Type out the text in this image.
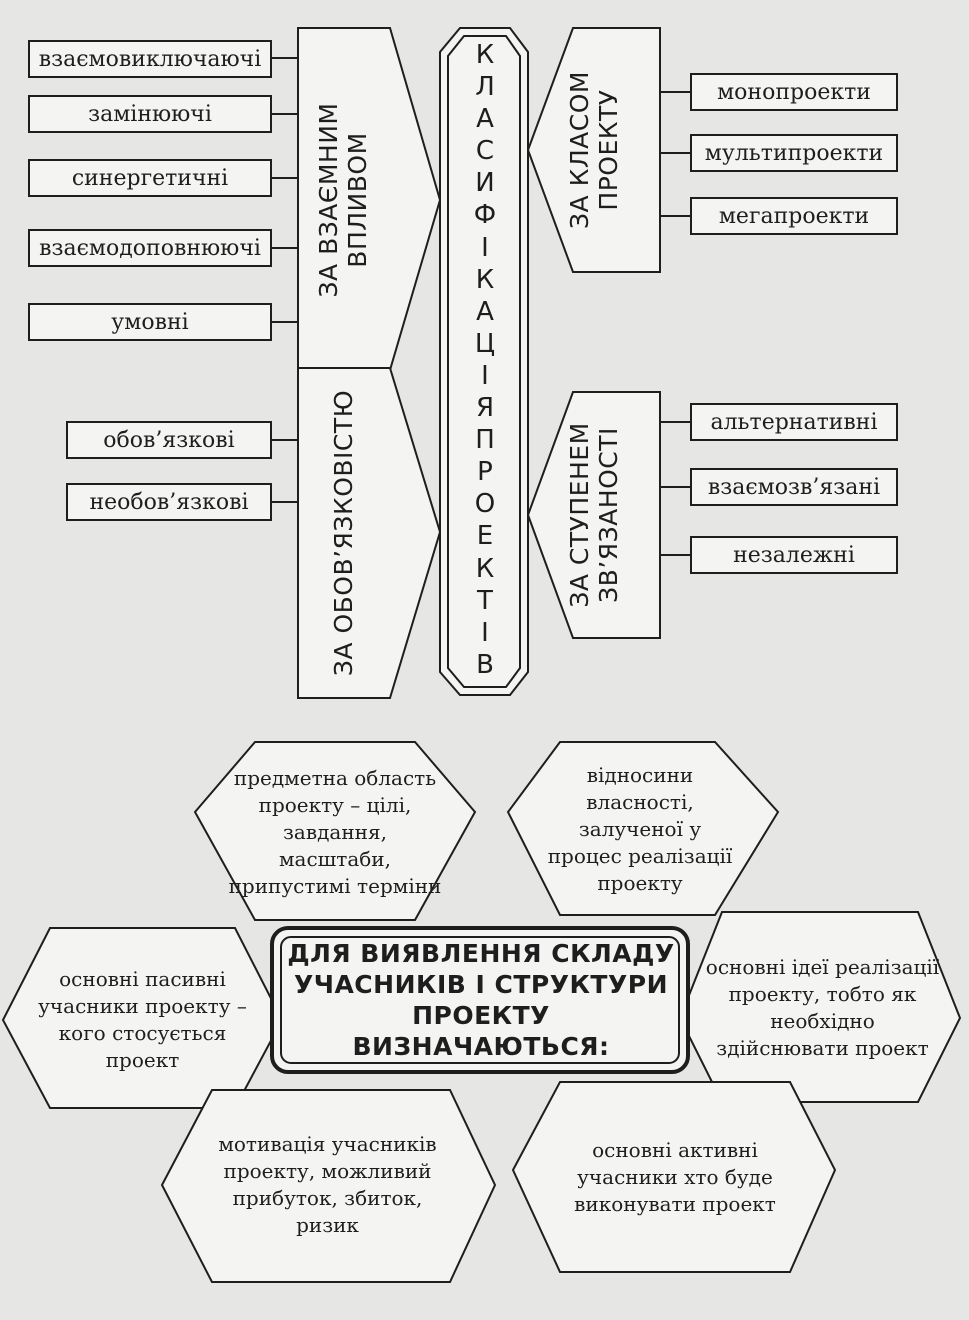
взаємовиключаючі
замінюючі
синергетичні
взаємодоповнюючі
умовні
обов’язкові
необов’язкові
монопроекти
мультипроекти
мегапроекти
альтернативні
взаємозв’язані
незалежні
ЗА ВЗАЄМНИМ ВПЛИВОМ
ЗА ОБОВ’ЯЗКОВІСТЮ
ЗА КЛАСОМ ПРОЕКТУ
ЗА СТУПЕНЕМ ЗВ’ЯЗАНОСТІ
К
Л
А
С
И
Ф
І
К
А
Ц
І
Я
П
Р
О
Е
К
Т
І
В
предметна область проекту – цілі, завдання, масштаби, припустимі терміни
відносини власності, залученої у процес реалізації проекту
основні пасивні учасники проекту – кого стосується проект
основні ідеї реалізації проекту, тобто як необхідно здійснювати проект
мотивація учасників проекту, можливий прибуток, збиток, ризик
основні активні учасники хто буде виконувати проект
ДЛЯ ВИЯВЛЕННЯ СКЛАДУ УЧАСНИКІВ І СТРУКТУРИ ПРОЕКТУ ВИЗНАЧАЮТЬСЯ:
